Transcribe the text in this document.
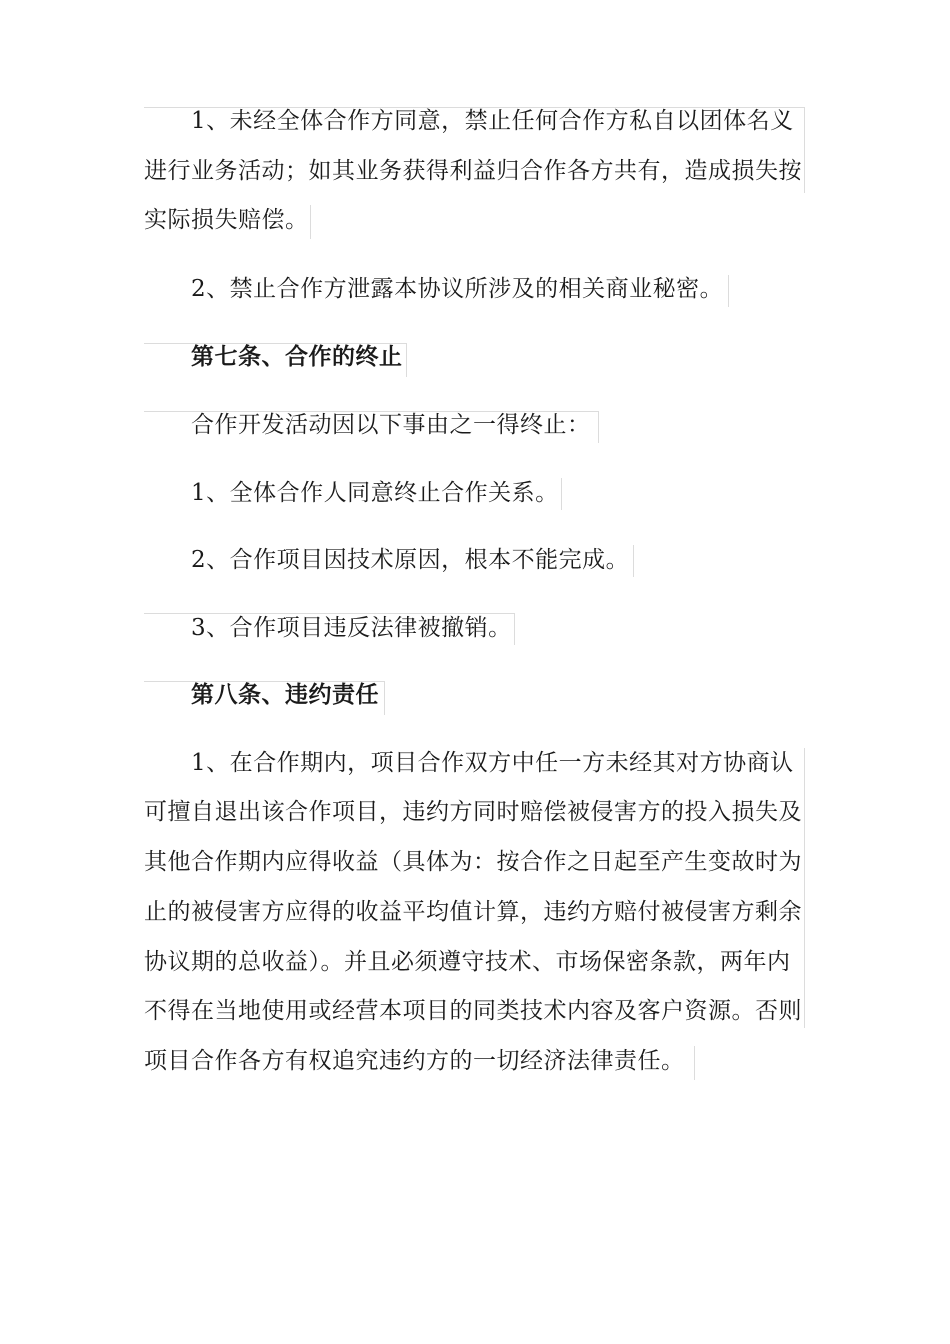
1、未经全体合作方同意，禁止任何合作方私自以团体名义
进行业务活动；如其业务获得利益归合作各方共有，造成损失按
实际损失赔偿。
2、禁止合作方泄露本协议所涉及的相关商业秘密。
第七条、合作的终止
合作开发活动因以下事由之一得终止：
1、全体合作人同意终止合作关系。
2、合作项目因技术原因，根本不能完成。
3、合作项目违反法律被撤销。
第八条、违约责任
1、在合作期内，项目合作双方中任一方未经其对方协商认
可擅自退出该合作项目，违约方同时赔偿被侵害方的投入损失及
其他合作期内应得收益（具体为：按合作之日起至产生变故时为
止的被侵害方应得的收益平均值计算，违约方赔付被侵害方剩余
协议期的总收益）。并且必须遵守技术、市场保密条款，两年内
不得在当地使用或经营本项目的同类技术内容及客户资源。否则
项目合作各方有权追究违约方的一切经济法律责任。
